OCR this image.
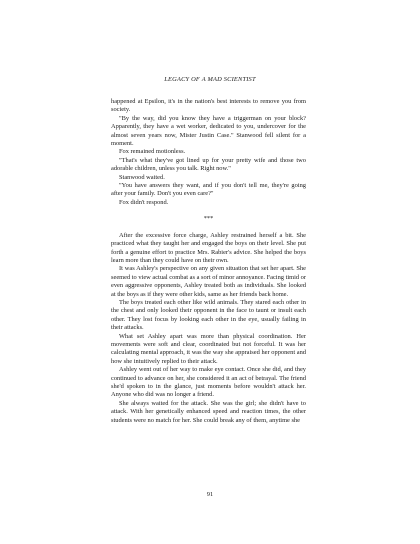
LEGACY OF A MAD SCIENTIST

happened at Epsilon, it's in the nation's best interests to remove you from society.

"By the way, did you know they have a triggerman on your block? Apparently, they have a wet worker, dedicated to you, undercover for the almost seven years now, Mister Justin Case." Stanwood fell silent for a moment.

Fox remained motionless.

"That's what they've got lined up for your pretty wife and those two adorable children, unless you talk. Right now."

Stanwood waited.

"You have answers they want, and if you don't tell me, they're going after your family. Don't you even care?"

Fox didn't respond.

***

After the excessive force charge, Ashley restrained herself a bit. She practiced what they taught her and engaged the boys on their level. She put forth a genuine effort to practice Mrs. Rabier's advice. She helped the boys learn more than they could have on their own.

It was Ashley's perspective on any given situation that set her apart. She seemed to view actual combat as a sort of minor annoyance. Facing timid or even aggressive opponents, Ashley treated both as individuals. She looked at the boys as if they were other kids, same as her friends back home.

The boys treated each other like wild animals. They stared each other in the chest and only looked their opponent in the face to taunt or insult each other. They lost focus by looking each other in the eye, usually failing in their attacks.

What set Ashley apart was more than physical coordination. Her movements were soft and clear, coordinated but not forceful. It was her calculating mental approach, it was the way she appraised her opponent and how she intuitively replied to their attack.

Ashley went out of her way to make eye contact. Once she did, and they continued to advance on her, she considered it an act of betrayal. The friend she'd spoken to in the glance, just moments before wouldn't attack her. Anyone who did was no longer a friend.

She always waited for the attack. She was the girl; she didn't have to attack. With her genetically enhanced speed and reaction times, the other students were no match for her. She could break any of them, anytime she

91
